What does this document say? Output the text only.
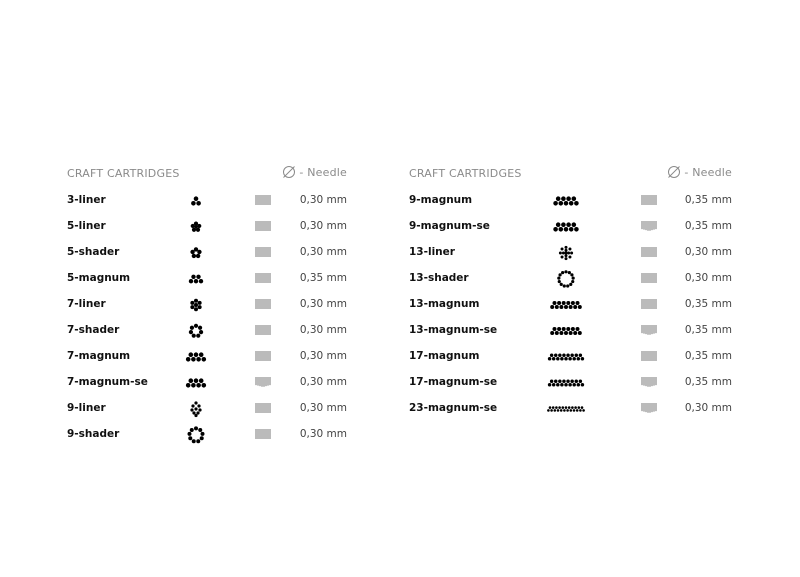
CRAFT CARTRIDGES	- Needle
3-liner	0,30 mm
5-liner	0,30 mm
5-shader	0,30 mm
5-magnum	0,35 mm
7-liner	0,30 mm
7-shader	0,30 mm
7-magnum	0,30 mm
7-magnum-se	0,30 mm
9-liner	0,30 mm
9-shader	0,30 mm
CRAFT CARTRIDGES	- Needle
9-magnum	0,35 mm
9-magnum-se	0,35 mm
13-liner	0,30 mm
13-shader	0,30 mm
13-magnum	0,35 mm
13-magnum-se	0,35 mm
17-magnum	0,35 mm
17-magnum-se	0,35 mm
23-magnum-se	0,30 mm
